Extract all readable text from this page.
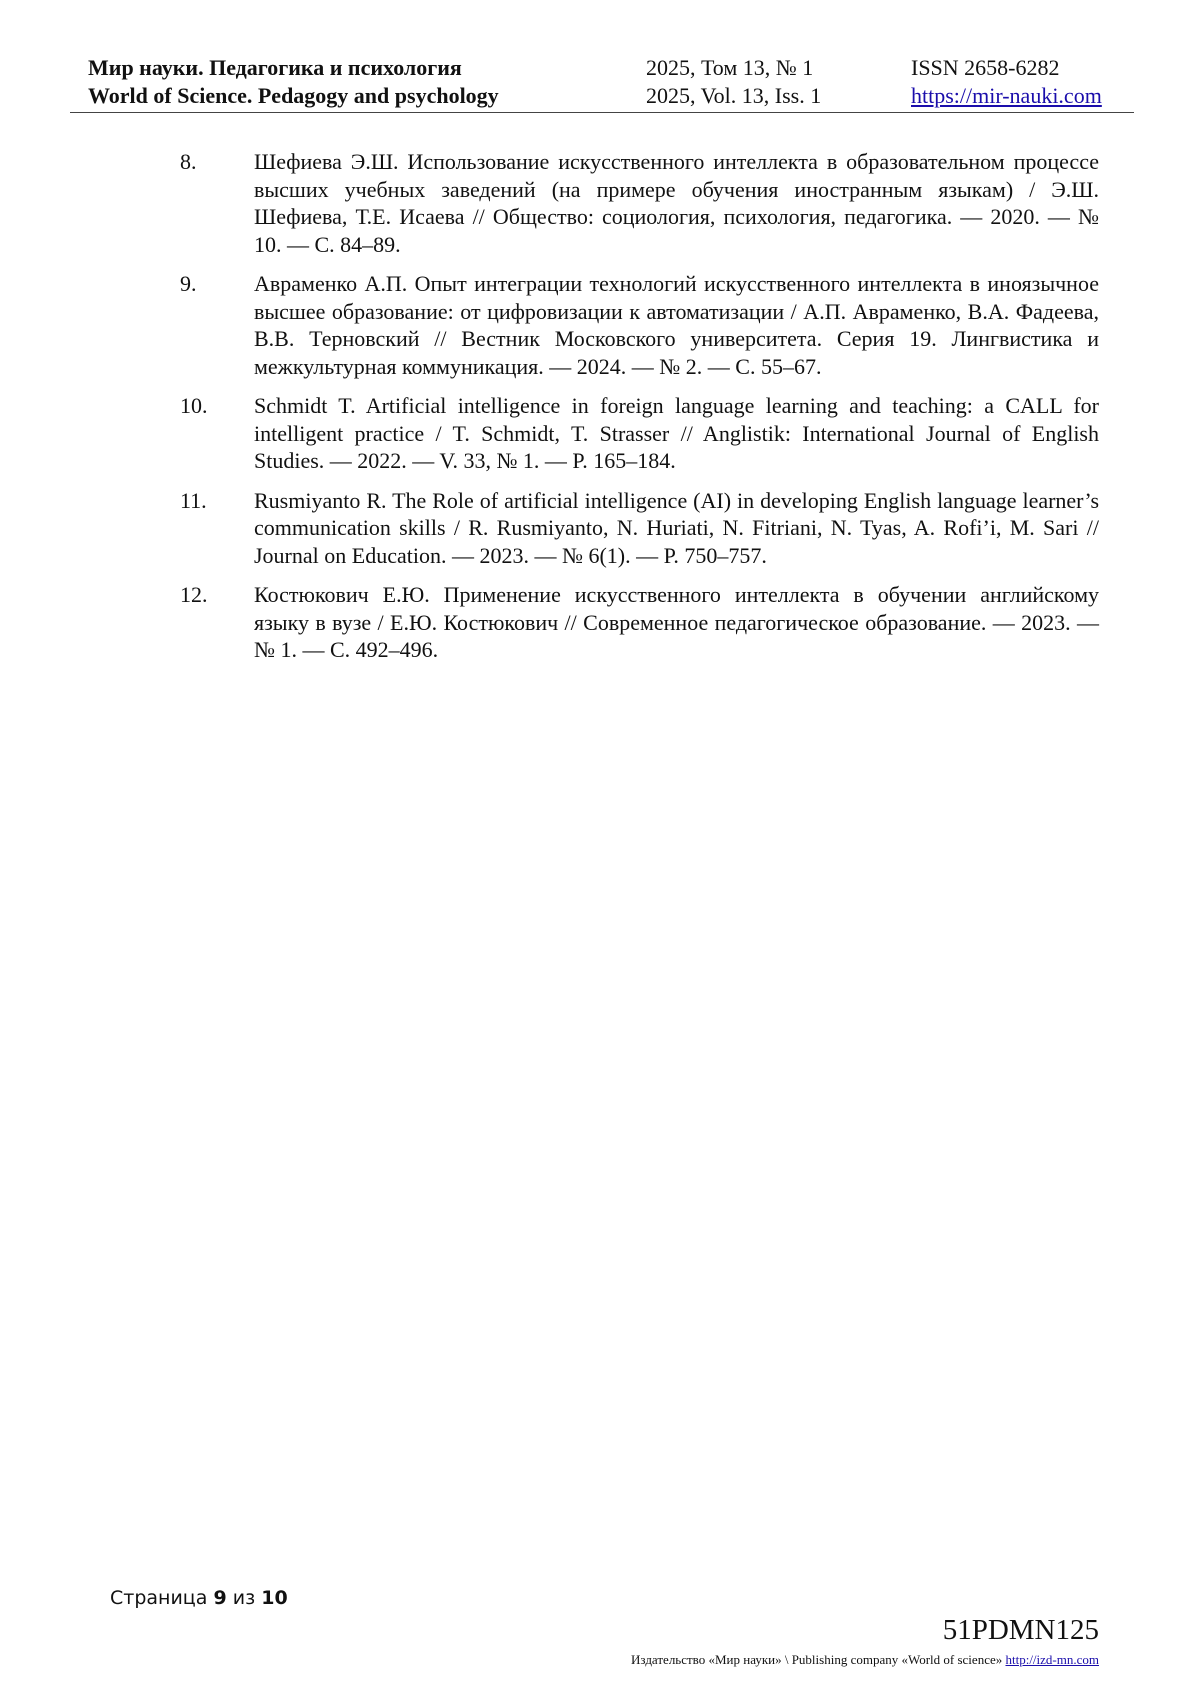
Мир науки. Педагогика и психология	2025, Том 13, № 1	ISSN 2658-6282
World of Science. Pedagogy and psychology	2025, Vol. 13, Iss. 1	https://mir-nauki.com
8.	Шефиева Э.Ш. Использование искусственного интеллекта в образовательном процессе высших учебных заведений (на примере обучения иностранным языкам) / Э.Ш. Шефиева, Т.Е. Исаева // Общество: социология, психология, педагогика. — 2020. — № 10. — С. 84–89.
9.	Авраменко А.П. Опыт интеграции технологий искусственного интеллекта в иноязычное высшее образование: от цифровизации к автоматизации / А.П. Авраменко, В.А. Фадеева, В.В. Терновский // Вестник Московского университета. Серия 19. Лингвистика и межкультурная коммуникация. — 2024. — № 2. — С. 55–67.
10. Schmidt T. Artificial intelligence in foreign language learning and teaching: a CALL for intelligent practice / T. Schmidt, T. Strasser // Anglistik: International Journal of English Studies. — 2022. — V. 33, № 1. — P. 165–184.
11. Rusmiyanto R. The Role of artificial intelligence (AI) in developing English language learner’s communication skills / R. Rusmiyanto, N. Huriati, N. Fitriani, N. Tyas, A. Rofi’i, M. Sari // Journal on Education. — 2023. — № 6(1). — P. 750–757.
12. Костюкович Е.Ю. Применение искусственного интеллекта в обучении английскому языку в вузе / Е.Ю. Костюкович // Современное педагогическое образование. — 2023. — № 1. — С. 492–496.
Страница 9 из 10
51PDMN125
Издательство «Мир науки» \ Publishing company «World of science» http://izd-mn.com
